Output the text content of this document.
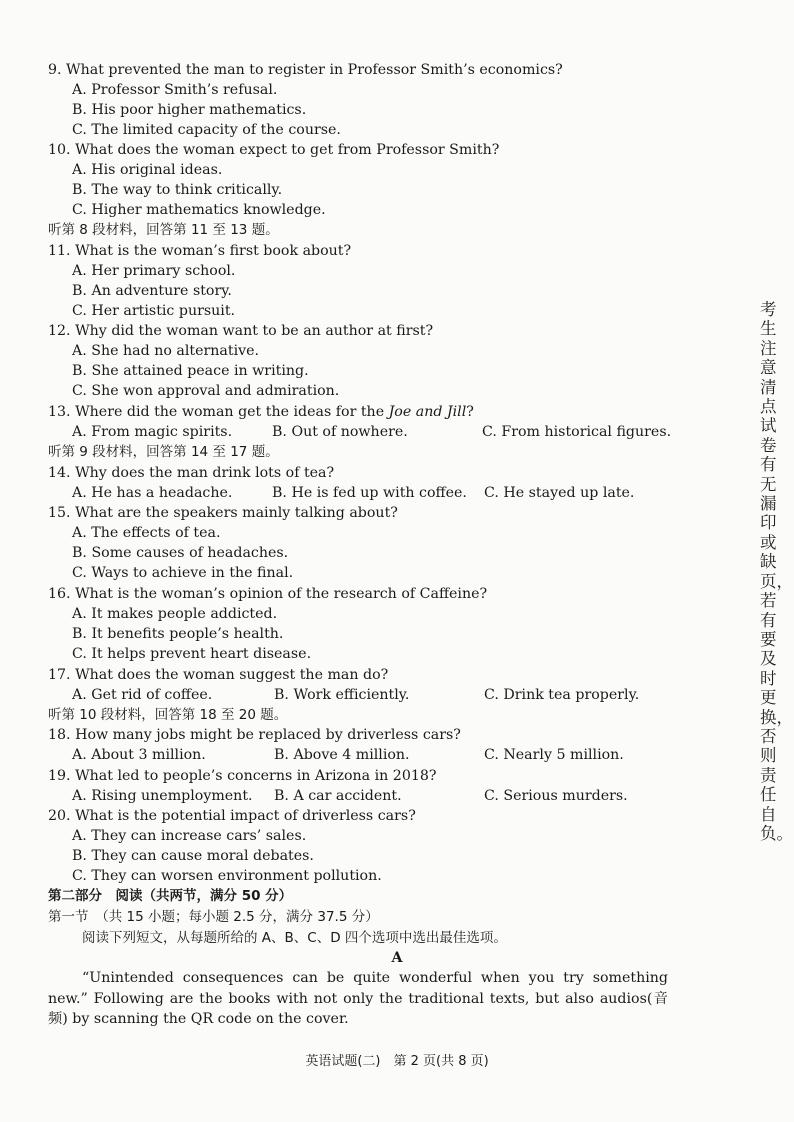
9. What prevented the man to register in Professor Smith’s economics?
A. Professor Smith’s refusal.
B. His poor higher mathematics.
C. The limited capacity of the course.
10. What does the woman expect to get from Professor Smith?
A. His original ideas.
B. The way to think critically.
C. Higher mathematics knowledge.
听第 8 段材料，回答第 11 至 13 题。
11. What is the woman’s first book about?
A. Her primary school.
B. An adventure story.
C. Her artistic pursuit.
12. Why did the woman want to be an author at first?
A. She had no alternative.
B. She attained peace in writing.
C. She won approval and admiration.
13. Where did the woman get the ideas for the Joe and Jill?
A. From magic spirits.	B. Out of nowhere.	C. From historical figures.
听第 9 段材料，回答第 14 至 17 题。
14. Why does the man drink lots of tea?
A. He has a headache.	B. He is fed up with coffee. C. He stayed up late.
15. What are the speakers mainly talking about?
A. The effects of tea.
B. Some causes of headaches.
C. Ways to achieve in the final.
16. What is the woman’s opinion of the research of Caffeine?
A. It makes people addicted.
B. It benefits people’s health.
C. It helps prevent heart disease.
17. What does the woman suggest the man do?
A. Get rid of coffee.	B. Work efficiently.	C. Drink tea properly.
听第 10 段材料，回答第 18 至 20 题。
18. How many jobs might be replaced by driverless cars?
A. About 3 million.	B. Above 4 million.	C. Nearly 5 million.
19. What led to people’s concerns in Arizona in 2018?
A. Rising unemployment. B. A car accident.	C. Serious murders.
20. What is the potential impact of driverless cars?
A. They can increase cars’ sales.
B. They can cause moral debates.
C. They can worsen environment pollution.
第二部分　阅读（共两节，满分 50 分）
第一节　（共 15 小题；每小题 2.5 分，满分 37.5 分）
阅读下列短文，从每题所给的 A、B、C、D 四个选项中选出最佳选项。
A
“Unintended consequences can be quite wonderful when you try something new.” Following are the books with not only the traditional texts, but also audios(音频) by scanning the QR code on the cover.
考生注意清点试卷有无漏印或缺页，若有要及时更换，否则责任自负。
英语试题(二)　第 2 页(共 8 页)
